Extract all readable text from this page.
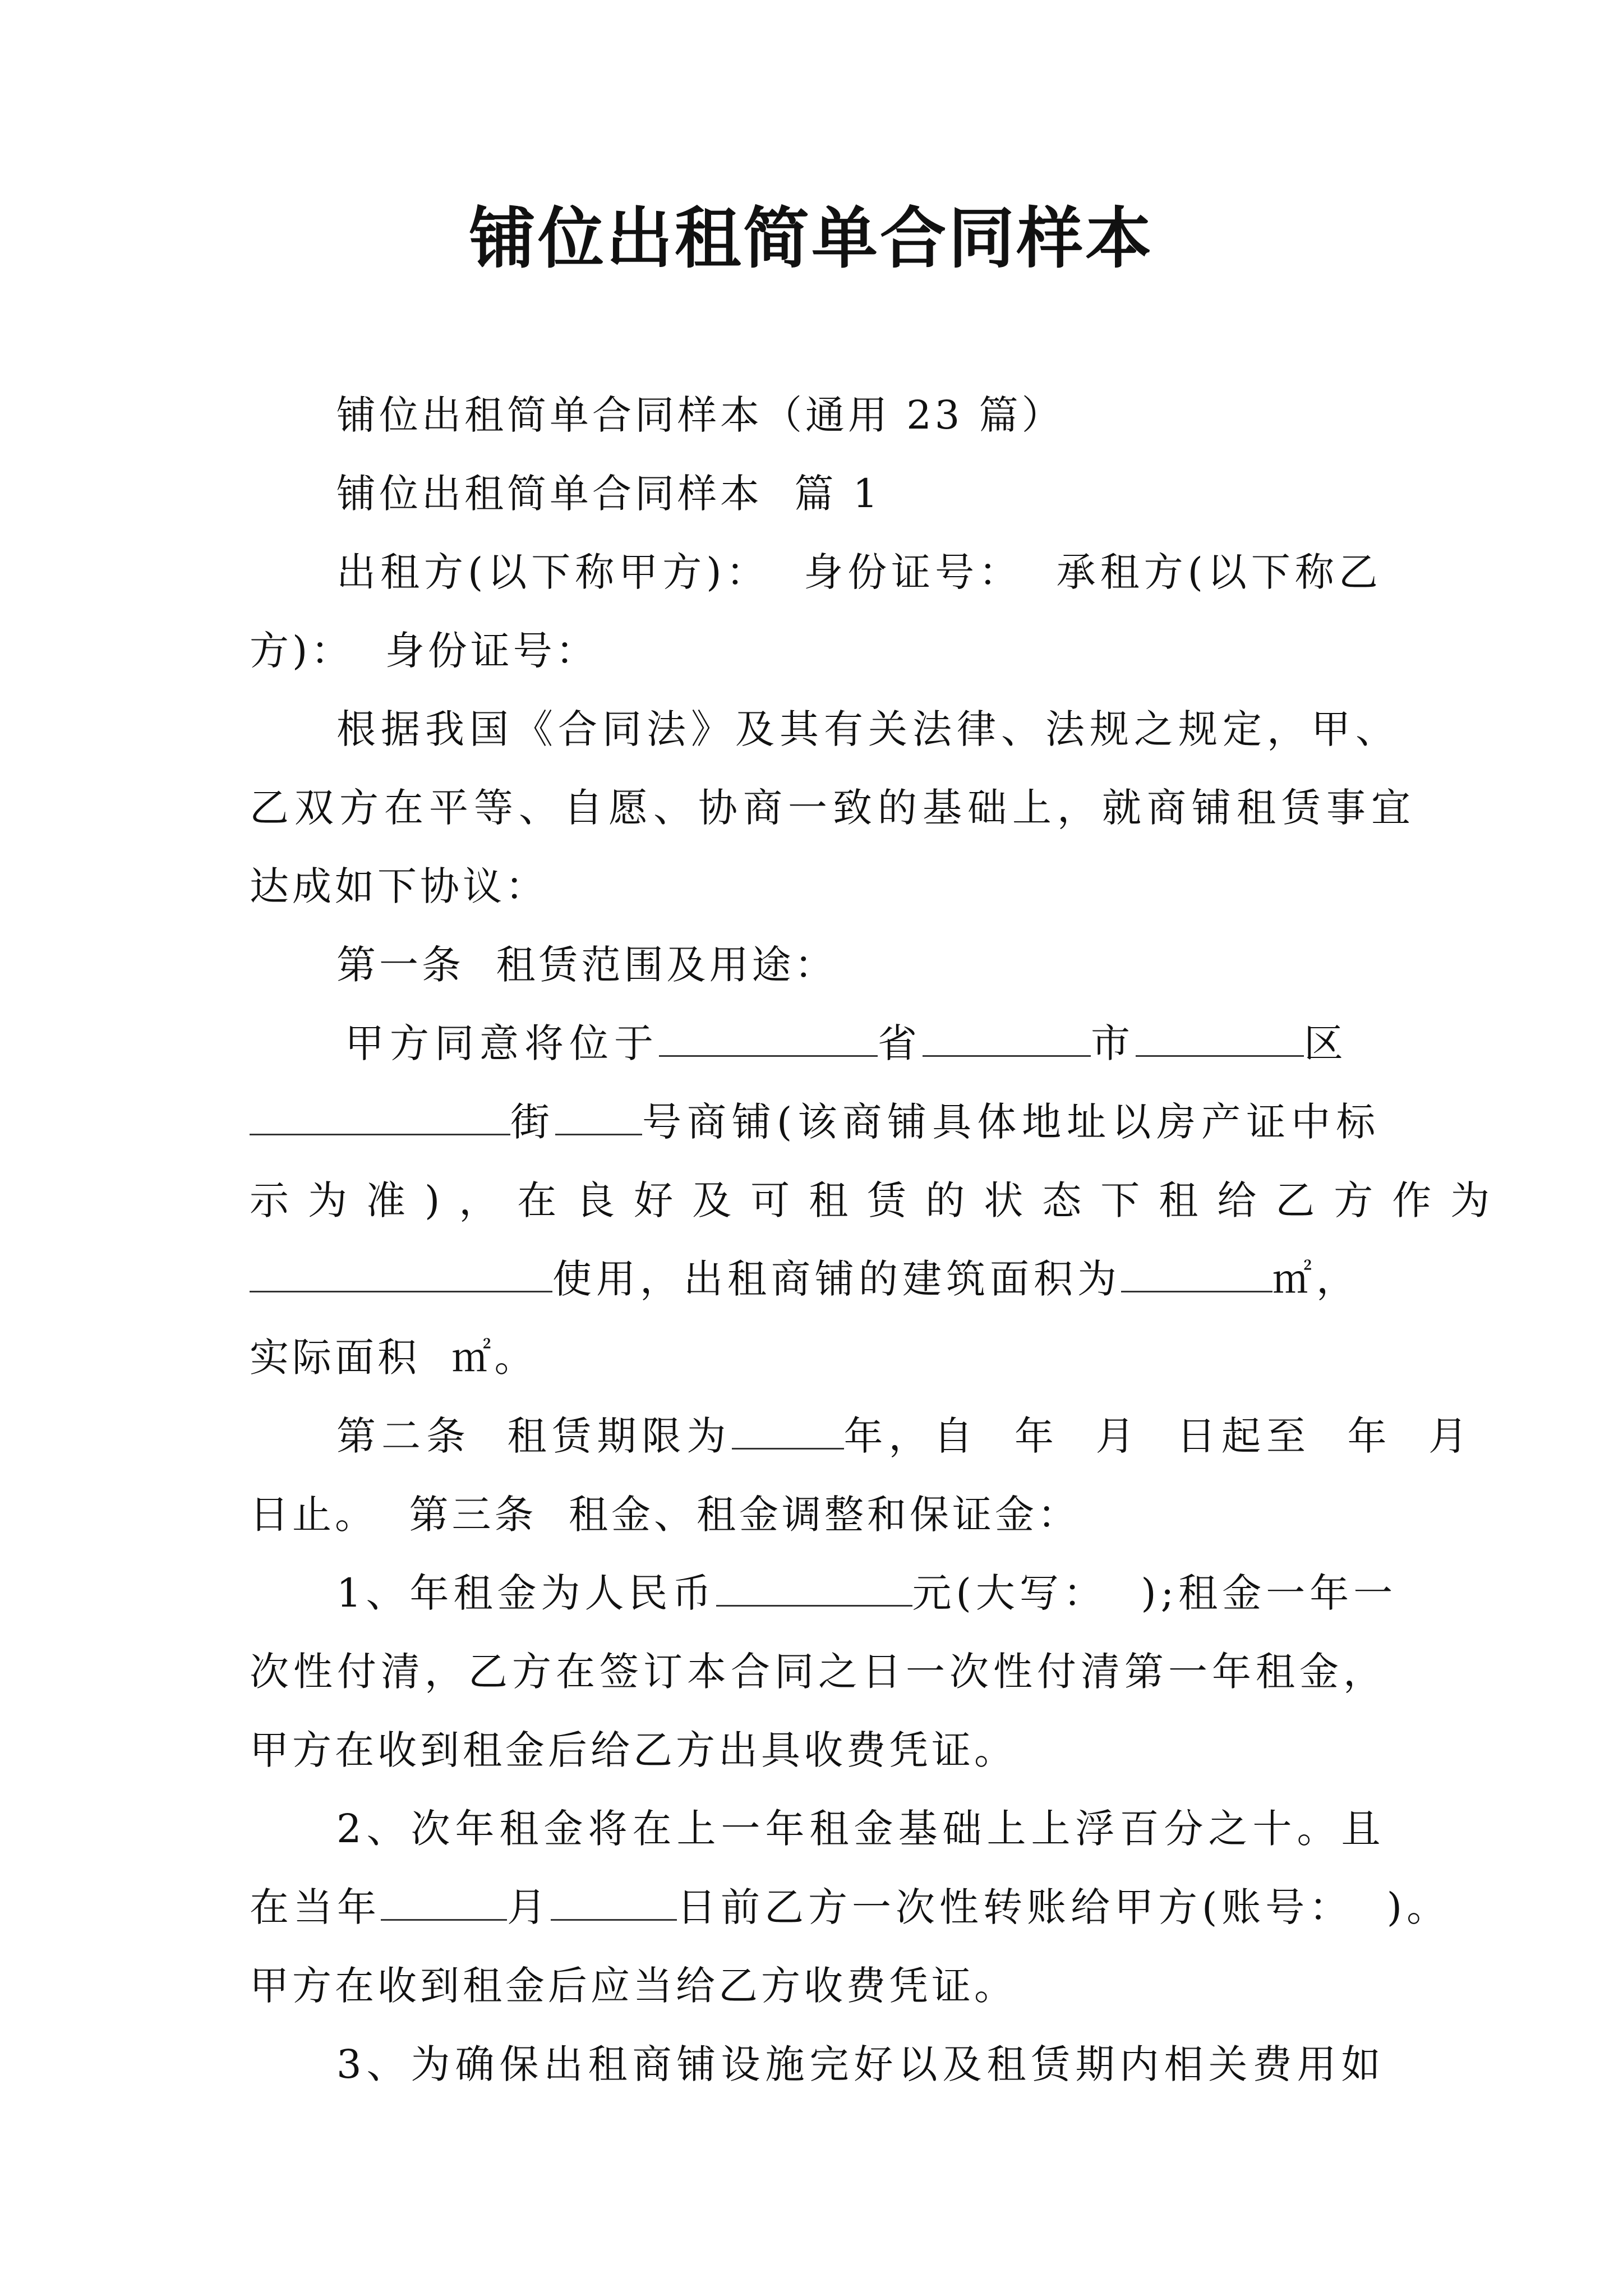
铺位出租简单合同样本
铺位出租简单合同样本（通用 23 篇）
铺位出租简单合同样本  篇 1
出租方(以下称甲方)：  身份证号：  承租方(以下称乙
方)：  身份证号：
根据我国《合同法》及其有关法律、法规之规定，甲、
乙双方在平等、自愿、协商一致的基础上，就商铺租赁事宜
达成如下协议：
第一条  租赁范围及用途：
甲方同意将位于	省	市	区
街 号商铺(该商铺具体地址以房产证中标
示为准)，在良好及可租赁的状态下租给乙方作为
使用，出租商铺的建筑面积为	㎡，
实际面积  ㎡。
第二条  租赁期限为	年，自  年  月  日起至  年  月
日止。  第三条  租金、租金调整和保证金：
1、年租金为人民币	元(大写：  );租金一年一
次性付清，乙方在签订本合同之日一次性付清第一年租金，
甲方在收到租金后给乙方出具收费凭证。
2、次年租金将在上一年租金基础上上浮百分之十。且
在当年	月	日前乙方一次性转账给甲方(账号：  )。
甲方在收到租金后应当给乙方收费凭证。
3、为确保出租商铺设施完好以及租赁期内相关费用如
